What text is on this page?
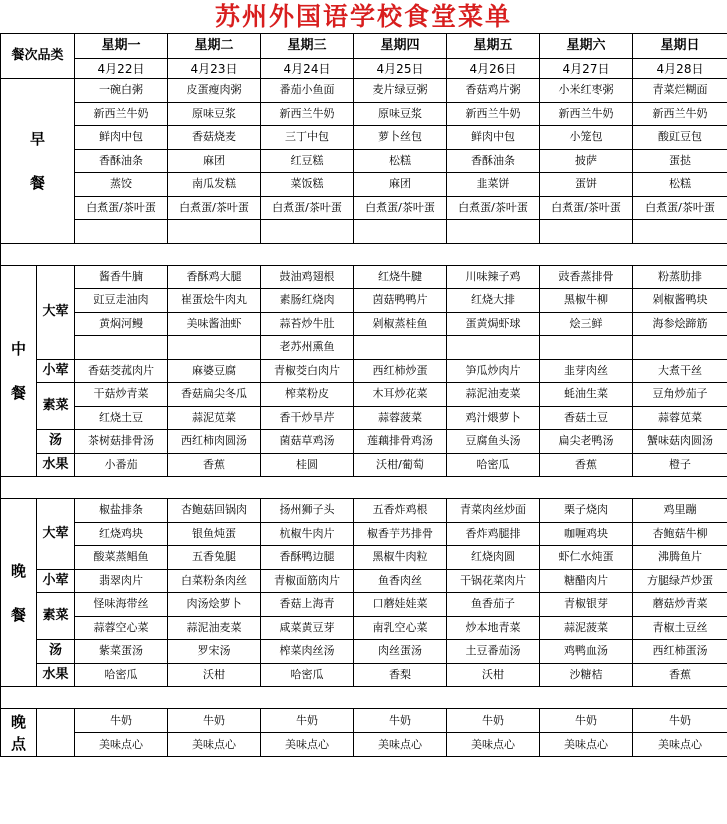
苏州外国语学校食堂菜单
餐次品类		星期一	星期二	星期三	星期四	星期五	星期六	星期日
		4月22日	4月23日	4月24日	4月25日	4月26日	4月27日	4月28日
早

餐		一碗白粥	皮蛋瘦肉粥	番茄小鱼面	麦片绿豆粥	香菇鸡片粥	小米红枣粥	青菜烂糊面
		新西兰牛奶	原味豆浆	新西兰牛奶	原味豆浆	新西兰牛奶	新西兰牛奶	新西兰牛奶
		鲜肉中包	香菇烧麦	三丁中包	萝卜丝包	鲜肉中包	小笼包	酸豇豆包
		香酥油条	麻团	红豆糕	松糕	香酥油条	披萨	蛋挞
		蒸饺	南瓜发糕	菜饭糕	麻团	韭菜饼	蛋饼	松糕
		白煮蛋/茶叶蛋	白煮蛋/茶叶蛋	白煮蛋/茶叶蛋	白煮蛋/茶叶蛋	白煮蛋/茶叶蛋	白煮蛋/茶叶蛋	白煮蛋/茶叶蛋

中

餐	大荤	酱香牛腩	香酥鸡大腿	鼓油鸡翅根	红烧牛腱	川味辣子鸡	豉香蒸排骨	粉蒸肋排
		豇豆走油肉	崔蛋烩牛肉丸	素肠红烧肉	茵菇鸭鸭片	红烧大排	黑椒牛柳	剁椒酱鸭块
		黄焖河鳗	美味酱油虾	蒜苔炒牛肚	剁椒蒸桂鱼	蛋黄焗虾球	烩三鲜	海参烩蹄筋
				老苏州熏鱼				
	小荤	香菇茭菰肉片	麻婆豆腐	青椒茭白肉片	西红柿炒蛋	笋瓜炒肉片	韭芽肉丝	大煮干丝
	素菜	干菇炒青菜	香菇扁尖冬瓜	榨菜粉皮	木耳炒花菜	蒜泥油麦菜	蚝油生菜	豆角炒茄子
		红烧土豆	蒜泥苋菜	香干炒旱芹	蒜蓉菠菜	鸡汁煨萝卜	香菇土豆	蒜蓉苋菜
	汤	茶树菇排骨汤	西红柿肉圆汤	菌菇草鸡汤	莲藕排骨鸡汤	豆腐鱼头汤	扁尖老鸭汤	蟹味菇肉圆汤
	水果	小番茄	香蕉	桂圆	沃柑/葡萄	哈密瓜	香蕉	橙子

晚

餐	大荤	椒盐排条	杏鲍菇回锅肉	扬州狮子头	五香炸鸡根	青菜肉丝炒面	栗子烧肉	鸡里蹦
		红烧鸡块	银鱼炖蛋	杭椒牛肉片	椒香芋艿排骨	香炸鸡腿排	咖喱鸡块	杏鲍菇牛柳
		酸菜蒸鲳鱼	五香兔腿	香酥鸭边腿	黑椒牛肉粒	红烧肉圆	虾仁水炖蛋	沸腾鱼片
	小荤	翡翠肉片	白菜粉条肉丝	青椒面筋肉片	鱼香肉丝	干锅花菜肉片	糖醋肉片	方腿绿芦炒蛋
	素菜	怪味海带丝	肉汤烩萝卜	香菇上海青	口蘑娃娃菜	鱼香茄子	青椒银芽	蘑菇炒青菜
		蒜蓉空心菜	蒜泥油麦菜	咸菜黄豆芽	南乳空心菜	炒本地青菜	蒜泥菠菜	青椒土豆丝
	汤	紫菜蛋汤	罗宋汤	榨菜肉丝汤	肉丝蛋汤	土豆番茄汤	鸡鸭血汤	西红柿蛋汤
	水果	哈密瓜	沃柑	哈密瓜	香梨	沃柑	沙糖桔	香蕉

晚
点		牛奶	牛奶	牛奶	牛奶	牛奶	牛奶	牛奶
		美味点心	美味点心	美味点心	美味点心	美味点心	美味点心	美味点心
